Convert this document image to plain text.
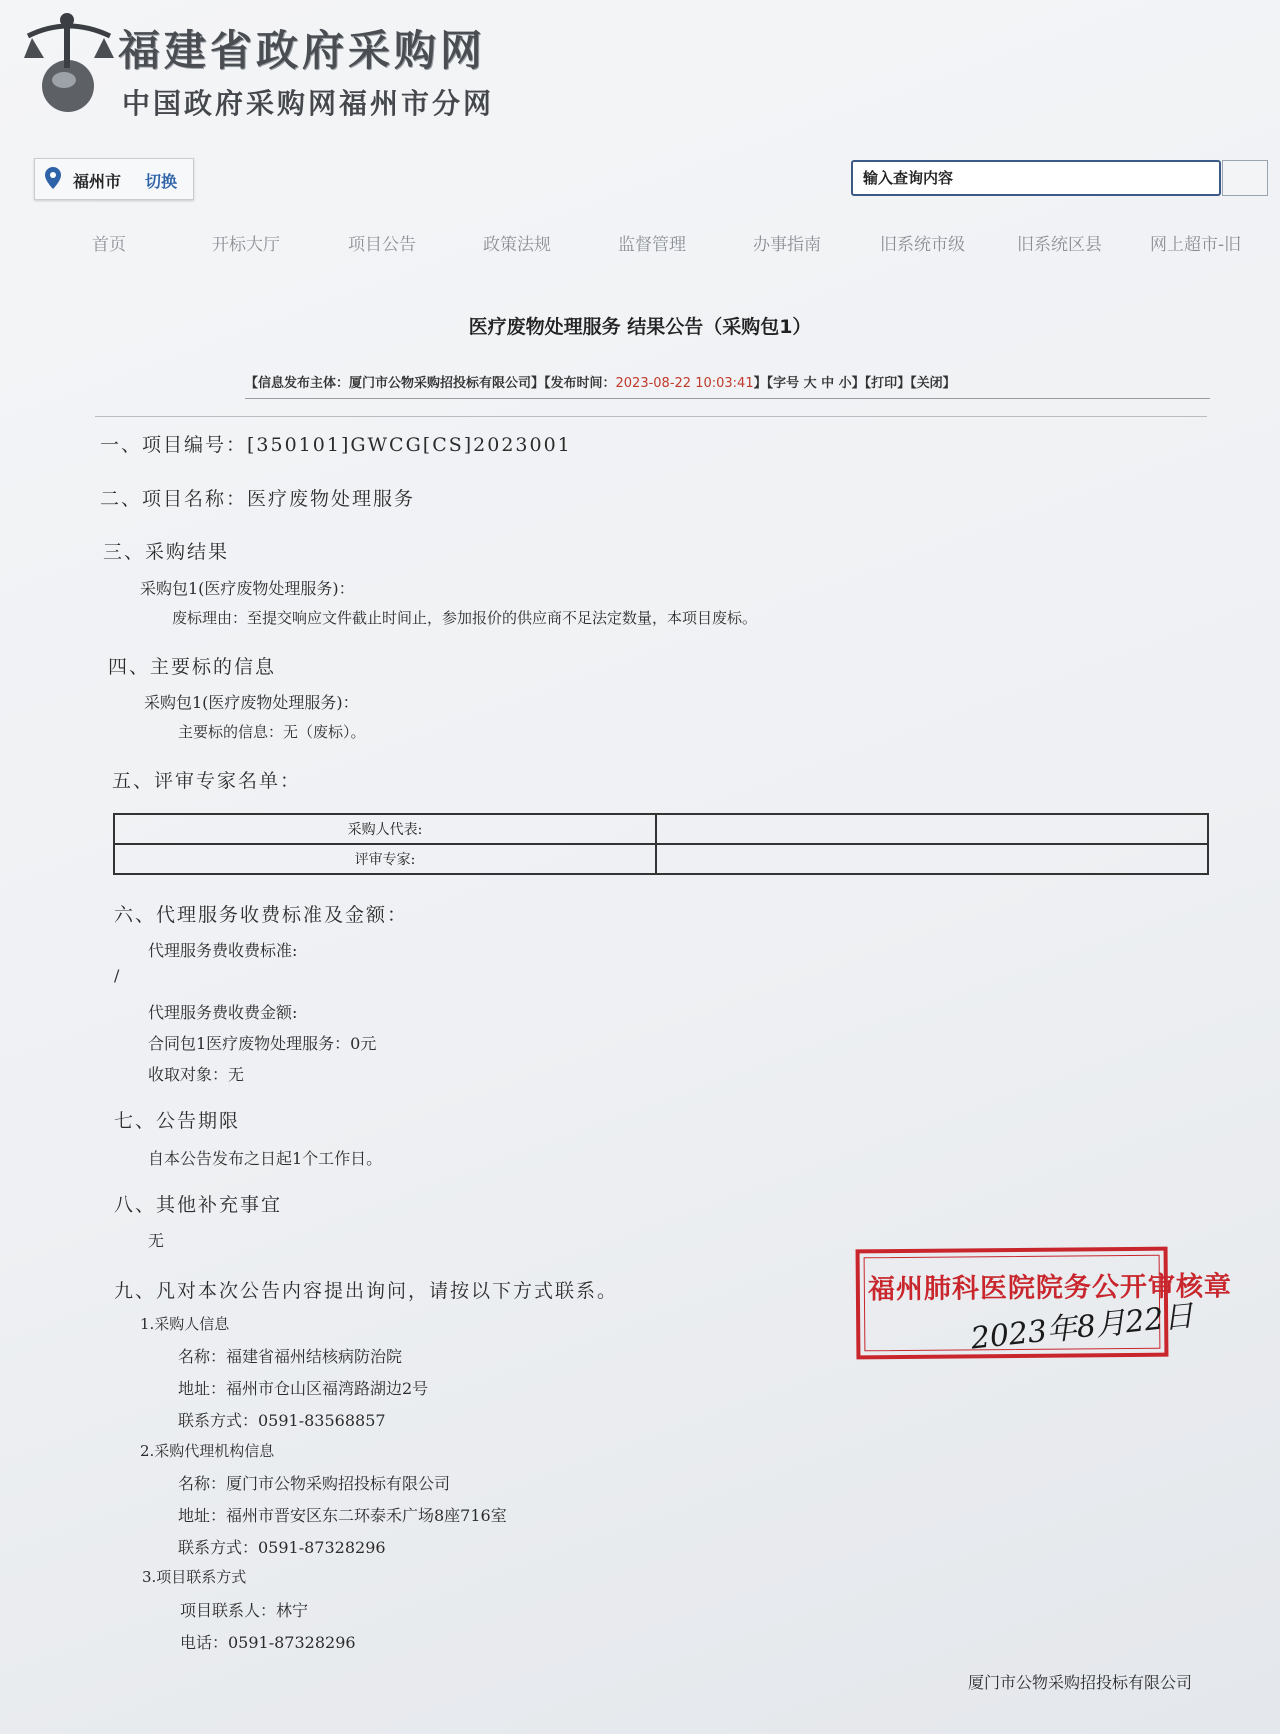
福建省政府采购网
中国政府采购网福州市分网
福州市 切换
输入查询内容
首页	开标大厅	项目公告	政策法规	监督管理	办事指南	旧系统市级	旧系统区县	网上超市-旧
医疗废物处理服务 结果公告（采购包1）
【信息发布主体：厦门市公物采购招投标有限公司】【发布时间：2023-08-22 10:03:41】【字号 大 中 小】【打印】【关闭】
一、项目编号：[350101]GWCG[CS]2023001
二、项目名称：医疗废物处理服务
三、采购结果
采购包1(医疗废物处理服务)：
废标理由：至提交响应文件截止时间止，参加报价的供应商不足法定数量，本项目废标。
四、主要标的信息
采购包1(医疗废物处理服务)：
主要标的信息：无（废标）。
五、评审专家名单：
采购人代表:	
评审专家:	
六、代理服务收费标准及金额：
代理服务费收费标准:
/
代理服务费收费金额:
合同包1医疗废物处理服务：0元
收取对象：无
七、公告期限
自本公告发布之日起1个工作日。
八、其他补充事宜
无
九、凡对本次公告内容提出询问，请按以下方式联系。
1.采购人信息
名称：福建省福州结核病防治院
地址：福州市仓山区福湾路湖边2号
联系方式：0591-83568857
2.采购代理机构信息
名称：厦门市公物采购招投标有限公司
地址：福州市晋安区东二环泰禾广场8座716室
联系方式：0591-87328296
3.项目联系方式
项目联系人：林宁
电话：0591-87328296
福州肺科医院院务公开审核章
2023年8月22日
厦门市公物采购招投标有限公司
